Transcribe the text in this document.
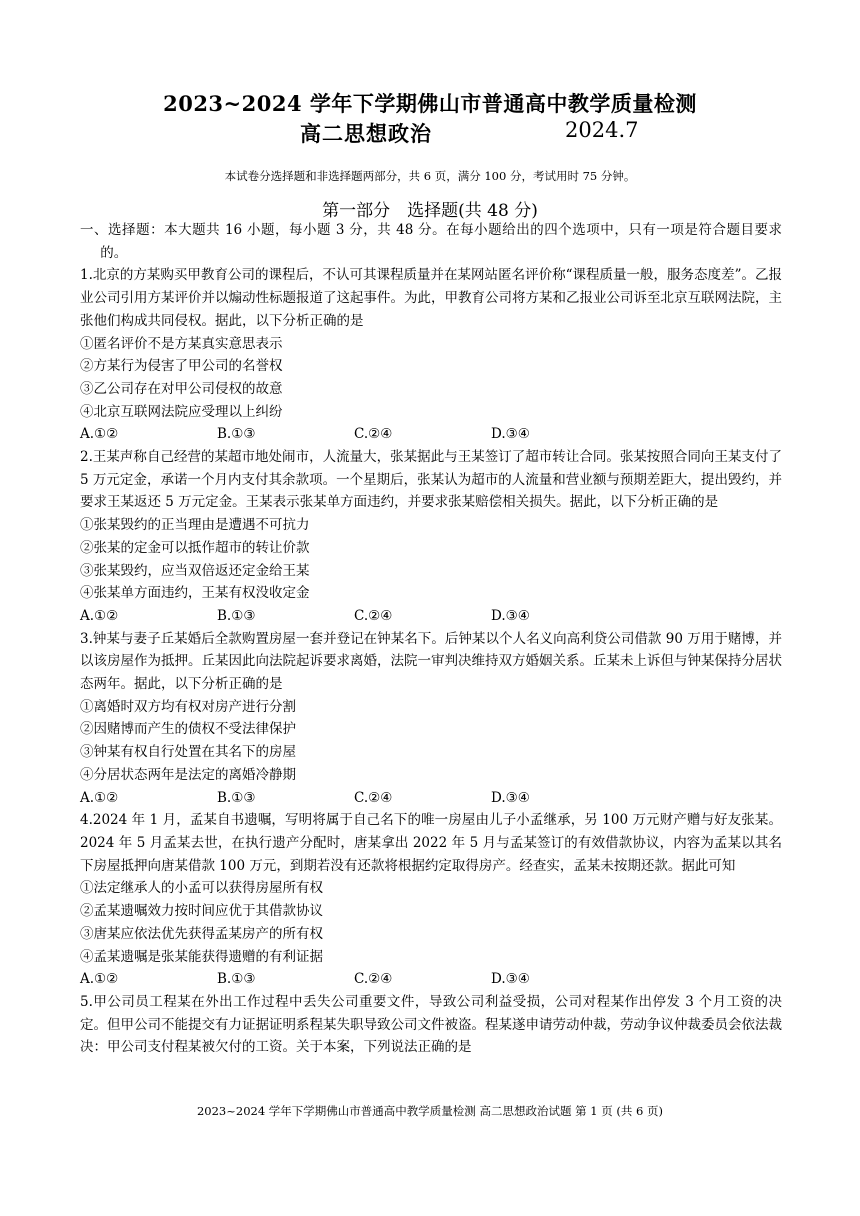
2023~2024 学年下学期佛山市普通高中教学质量检测
高二思想政治	2024.7
本试卷分选择题和非选择题两部分，共 6 页，满分 100 分，考试用时 75 分钟。
第一部分　选择题(共 48 分)

一、选择题：本大题共 16 小题，每小题 3 分，共 48 分。在每小题给出的四个选项中，只有一项是符合题目要求的。

1.北京的方某购买甲教育公司的课程后，不认可其课程质量并在某网站匿名评价称“课程质量一般，服务态度差”。乙报业公司引用方某评价并以煽动性标题报道了这起事件。为此，甲教育公司将方某和乙报业公司诉至北京互联网法院，主张他们构成共同侵权。据此，以下分析正确的是

①匿名评价不是方某真实意思表示

②方某行为侵害了甲公司的名誉权

③乙公司存在对甲公司侵权的故意

④北京互联网法院应受理以上纠纷

A.①②	B.①③	C.②④	D.③④

2.王某声称自己经营的某超市地处闹市，人流量大，张某据此与王某签订了超市转让合同。张某按照合同向王某支付了 5 万元定金，承诺一个月内支付其余款项。一个星期后，张某认为超市的人流量和营业额与预期差距大，提出毁约，并要求王某返还 5 万元定金。王某表示张某单方面违约，并要求张某赔偿相关损失。据此，以下分析正确的是

①张某毁约的正当理由是遭遇不可抗力

②张某的定金可以抵作超市的转让价款

③张某毁约，应当双倍返还定金给王某

④张某单方面违约，王某有权没收定金

A.①②	B.①③	C.②④	D.③④

3.钟某与妻子丘某婚后全款购置房屋一套并登记在钟某名下。后钟某以个人名义向高利贷公司借款 90 万用于赌博，并以该房屋作为抵押。丘某因此向法院起诉要求离婚，法院一审判决维持双方婚姻关系。丘某未上诉但与钟某保持分居状态两年。据此，以下分析正确的是

①离婚时双方均有权对房产进行分割

②因赌博而产生的债权不受法律保护

③钟某有权自行处置在其名下的房屋

④分居状态两年是法定的离婚冷静期

A.①②	B.①③	C.②④	D.③④

4.2024 年 1 月，孟某自书遗嘱，写明将属于自己名下的唯一房屋由儿子小孟继承，另 100 万元财产赠与好友张某。2024 年 5 月孟某去世，在执行遗产分配时，唐某拿出 2022 年 5 月与孟某签订的有效借款协议，内容为孟某以其名下房屋抵押向唐某借款 100 万元，到期若没有还款将根据约定取得房产。经查实，孟某未按期还款。据此可知

①法定继承人的小孟可以获得房屋所有权

②孟某遗嘱效力按时间应优于其借款协议

③唐某应依法优先获得孟某房产的所有权

④孟某遗嘱是张某能获得遗赠的有利证据

A.①②	B.①③	C.②④	D.③④

5.甲公司员工程某在外出工作过程中丢失公司重要文件，导致公司利益受损，公司对程某作出停发 3 个月工资的决定。但甲公司不能提交有力证据证明系程某失职导致公司文件被盗。程某遂申请劳动仲裁，劳动争议仲裁委员会依法裁决：甲公司支付程某被欠付的工资。关于本案，下列说法正确的是

2023~2024 学年下学期佛山市普通高中教学质量检测 高二思想政治试题 第 1 页 (共 6 页)
